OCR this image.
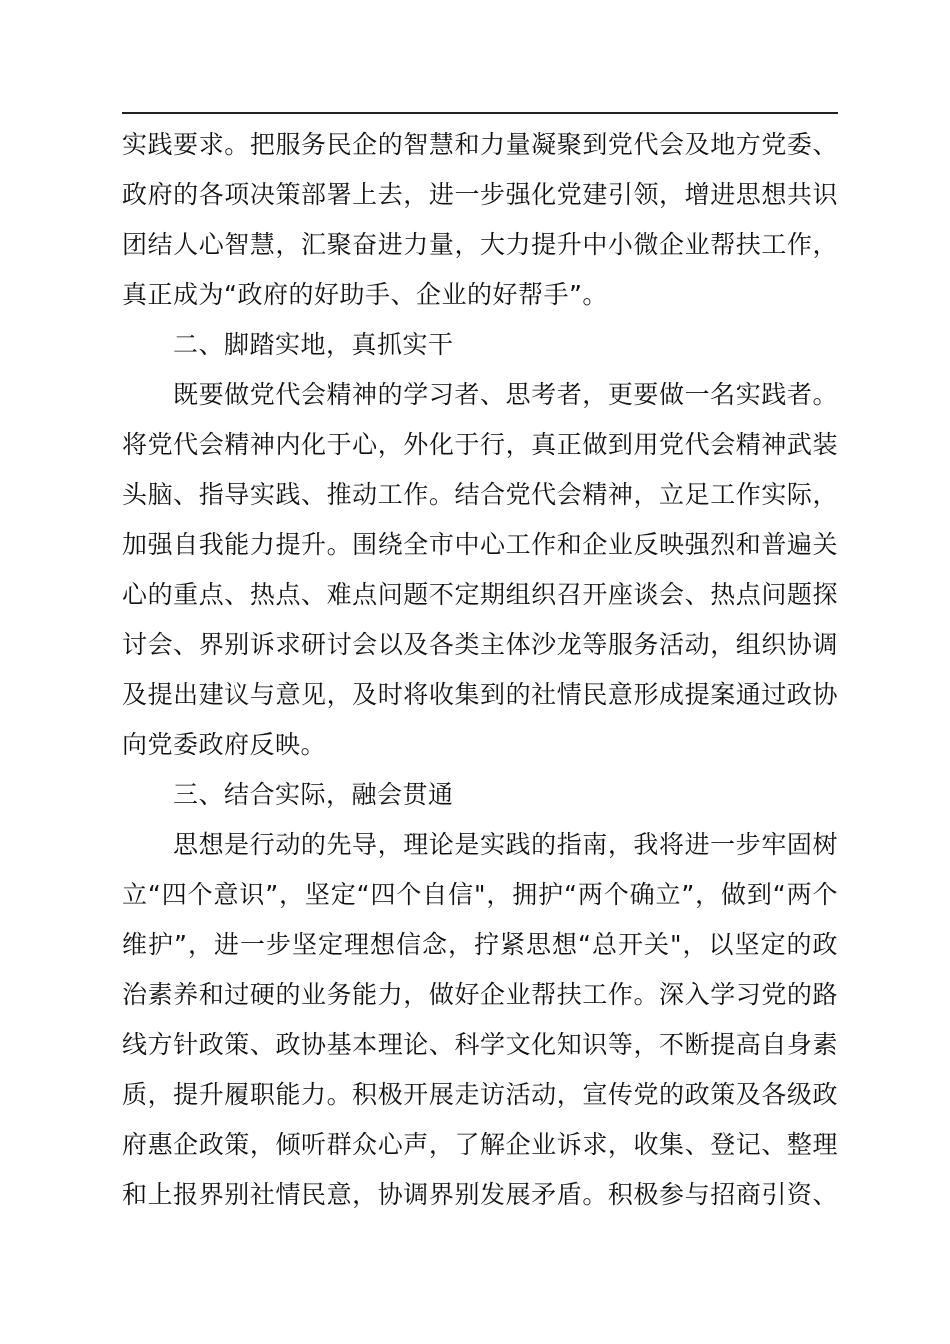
实践要求。把服务民企的智慧和力量凝聚到党代会及地方党委、
政府的各项决策部署上去，进一步强化党建引领，增进思想共识
团结人心智慧，汇聚奋进力量，大力提升中小微企业帮扶工作，
真正成为“政府的好助手、企业的好帮手”。
二、脚踏实地，真抓实干
既要做党代会精神的学习者、思考者，更要做一名实践者。
将党代会精神内化于心，外化于行，真正做到用党代会精神武装
头脑、指导实践、推动工作。结合党代会精神，立足工作实际，
加强自我能力提升。围绕全市中心工作和企业反映强烈和普遍关
心的重点、热点、难点问题不定期组织召开座谈会、热点问题探
讨会、界别诉求研讨会以及各类主体沙龙等服务活动，组织协调
及提出建议与意见，及时将收集到的社情民意形成提案通过政协
向党委政府反映。
三、结合实际，融会贯通
思想是行动的先导，理论是实践的指南，我将进一步牢固树
立“四个意识”，坚定“四个自信"，拥护“两个确立”，做到“两个
维护”，进一步坚定理想信念，拧紧思想“总开关"，以坚定的政
治素养和过硬的业务能力，做好企业帮扶工作。深入学习党的路
线方针政策、政协基本理论、科学文化知识等，不断提高自身素
质，提升履职能力。积极开展走访活动，宣传党的政策及各级政
府惠企政策，倾听群众心声，了解企业诉求，收集、登记、整理
和上报界别社情民意，协调界别发展矛盾。积极参与招商引资、
